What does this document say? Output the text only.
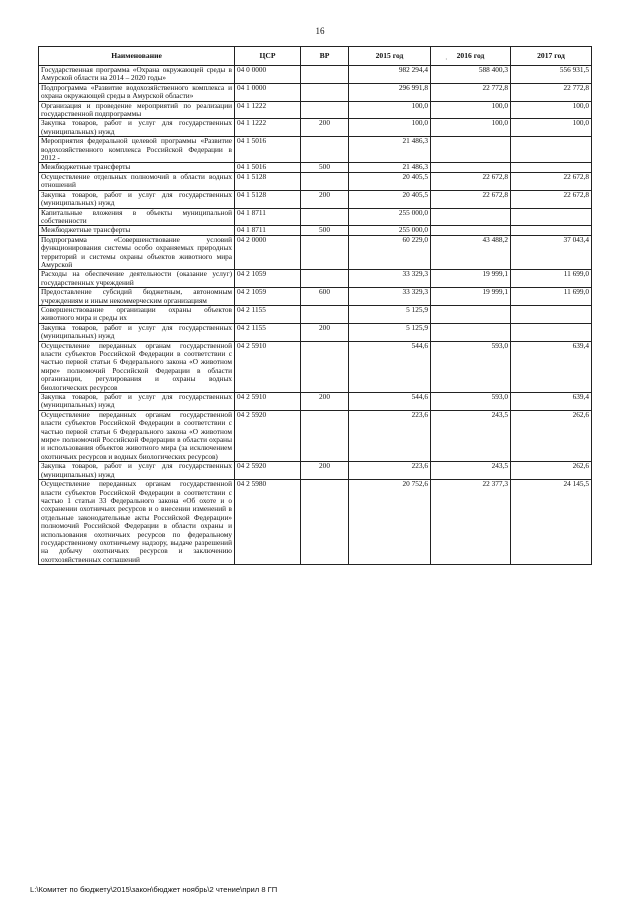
16
·
Наименование	ЦСР	ВР	2015 год	2016 год	2017 год
Государственная программа «Охрана окружающей среды в Амурской области на 2014 – 2020 годы»	04 0 0000		982 294,4	588 400,3	556 931,5
Подпрограмма «Развитие водохозяйственного комплекса и охрана окружающей среды в Амурской области»	04 1 0000		296 991,8	22 772,8	22 772,8
Организация и проведение мероприятий по реализации государственной подпрограммы	04 1 1222		100,0	100,0	100,0
Закупка товаров, работ и услуг для государственных (муниципальных) нужд	04 1 1222	200	100,0	100,0	100,0
Мероприятия федеральной целевой программы «Развитие водохозяйственного комплекса Российской Федерации в 2012 -	04 1 5016		21 486,3		
Межбюджетные трансферты	04 1 5016	500	21 486,3		
Осуществление отдельных полномочий в области водных отношений	04 1 5128		20 405,5	22 672,8	22 672,8
Закупка товаров, работ и услуг для государственных (муниципальных) нужд	04 1 5128	200	20 405,5	22 672,8	22 672,8
Капитальные вложения в объекты муниципальной собственности	04 1 8711		255 000,0		
Межбюджетные трансферты	04 1 8711	500	255 000,0		
Подпрограмма «Совершенствование условий функционирования системы особо охраняемых природных территорий и системы охраны объектов животного мира Амурской	04 2 0000		60 229,0	43 488,2	37 043,4
Расходы на обеспечение деятельности (оказание услуг) государственных учреждений	04 2 1059		33 329,3	19 999,1	11 699,0
Предоставление субсидий бюджетным, автономным учреждениям и иным некоммерческим организациям	04 2 1059	600	33 329,3	19 999,1	11 699,0
Совершенствование организации охраны объектов животного мира и среды их	04 2 1155		5 125,9		
Закупка товаров, работ и услуг для государственных (муниципальных) нужд	04 2 1155	200	5 125,9		
Осуществление переданных органам государственной власти субъектов Российской Федерации в соответствии с частью первой статьи 6 Федерального закона «О животном мире» полномочий Российской Федерации в области организации, регулирования и охраны водных биологических ресурсов	04 2 5910		544,6	593,0	639,4
Закупка товаров, работ и услуг для государственных (муниципальных) нужд	04 2 5910	200	544,6	593,0	639,4
Осуществление переданных органам государственной власти субъектов Российской Федерации в соответствии с частью первой статьи 6 Федерального закона «О животном мире» полномочий Российской Федерации в области охраны и использования объектов животного мира (за исключением охотничьих ресурсов и водных биологических ресурсов)	04 2 5920		223,6	243,5	262,6
Закупка товаров, работ и услуг для государственных (муниципальных) нужд	04 2 5920	200	223,6	243,5	262,6
Осуществление переданных органам государственной власти субъектов Российской Федерации в соответствии с частью 1 статьи 33 Федерального закона «Об охоте и о сохранении охотничьих ресурсов и о внесении изменений в отдельные законодательные акты Российской Федерации» полномочий Российской Федерации в области охраны и использования охотничьих ресурсов по федеральному государственному охотничьему надзору, выдаче разрешений на добычу охотничьих ресурсов и заключению охотхозяйственных соглашений	04 2 5980		20 752,6	22 377,3	24 145,5
L:\Комитет по бюджету\2015\закон\бюджет ноябрь\2 чтение\прил 8 ГП
